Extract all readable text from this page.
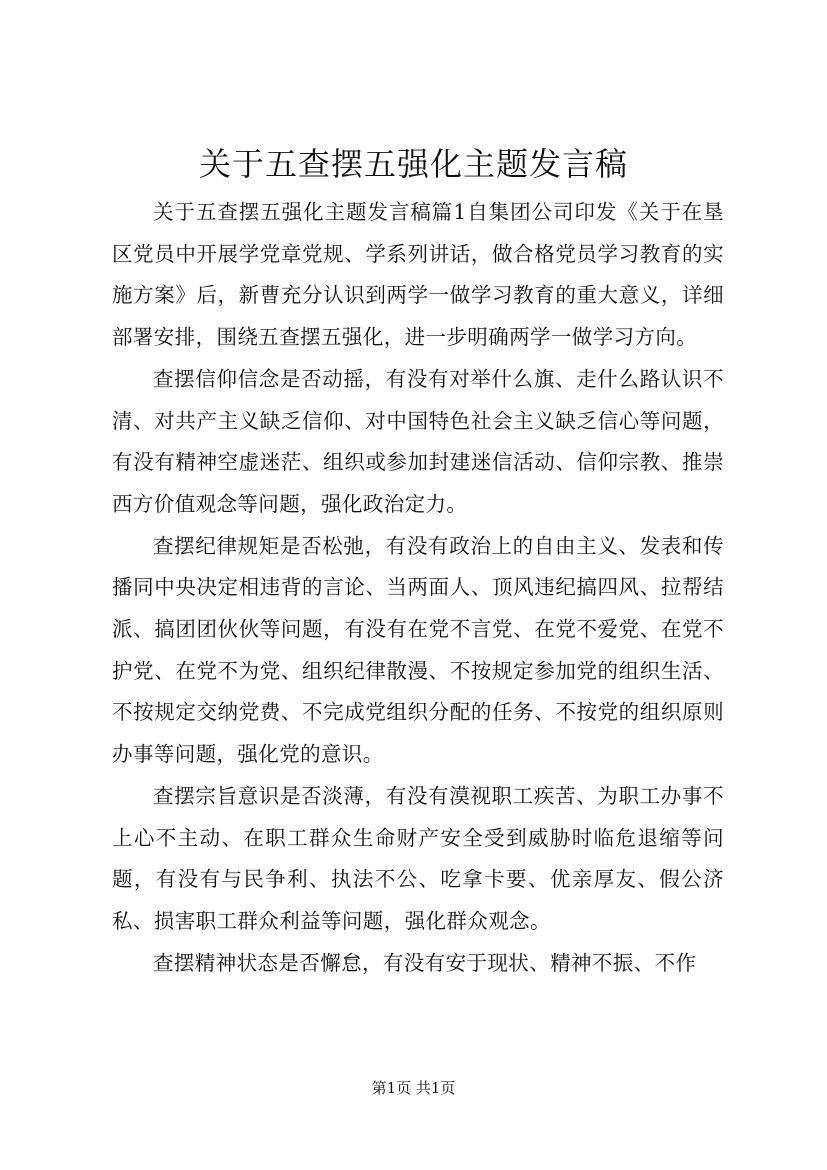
关于五查摆五强化主题发言稿

关于五查摆五强化主题发言稿篇1自集团公司印发《关于在垦区党员中开展学党章党规、学系列讲话，做合格党员学习教育的实施方案》后，新曹充分认识到两学一做学习教育的重大意义，详细部署安排，围绕五查摆五强化，进一步明确两学一做学习方向。

查摆信仰信念是否动摇，有没有对举什么旗、走什么路认识不清、对共产主义缺乏信仰、对中国特色社会主义缺乏信心等问题，有没有精神空虚迷茫、组织或参加封建迷信活动、信仰宗教、推崇西方价值观念等问题，强化政治定力。

查摆纪律规矩是否松弛，有没有政治上的自由主义、发表和传播同中央决定相违背的言论、当两面人、顶风违纪搞四风、拉帮结派、搞团团伙伙等问题，有没有在党不言党、在党不爱党、在党不护党、在党不为党、组织纪律散漫、不按规定参加党的组织生活、不按规定交纳党费、不完成党组织分配的任务、不按党的组织原则办事等问题，强化党的意识。

查摆宗旨意识是否淡薄，有没有漠视职工疾苦、为职工办事不上心不主动、在职工群众生命财产安全受到威胁时临危退缩等问题，有没有与民争利、执法不公、吃拿卡要、优亲厚友、假公济私、损害职工群众利益等问题，强化群众观念。

查摆精神状态是否懈怠，有没有安于现状、精神不振、不作

第1页 共1页
